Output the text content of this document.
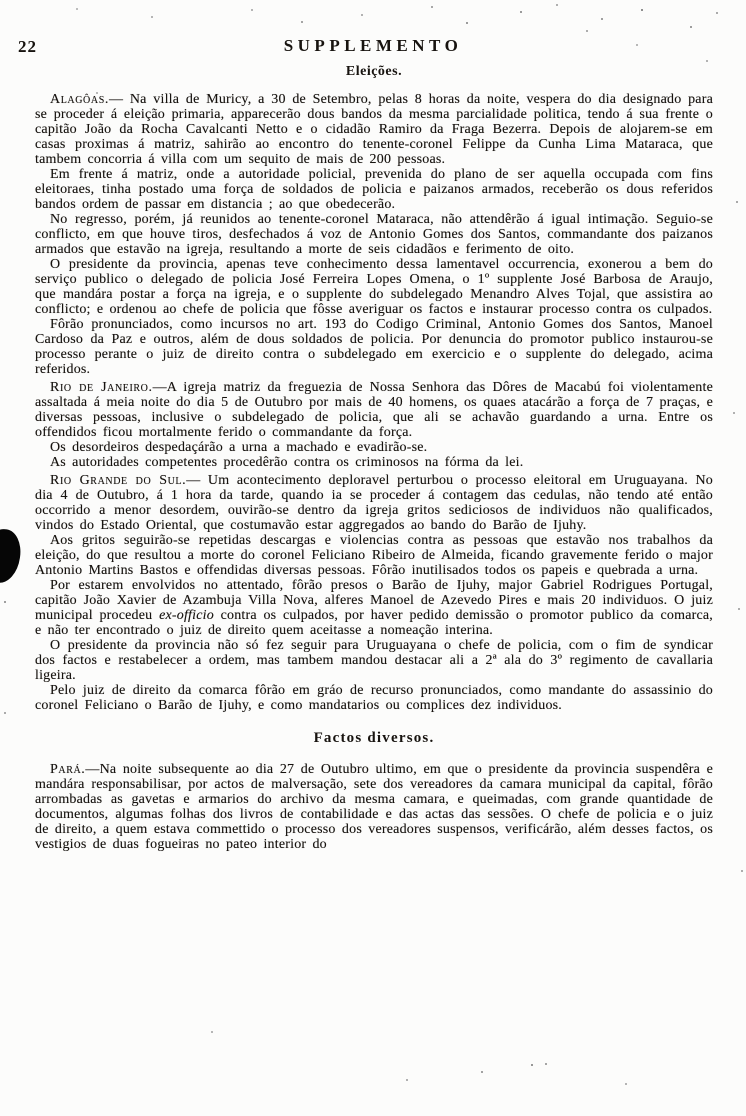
22	SUPPLEMENTO
Eleições.

Alagôas.— Na villa de Muricy, a 30 de Setembro, pelas 8 horas da noite, vespera do dia designado para se proceder á eleição primaria, apparecerão dous bandos da mesma parcialidade politica, tendo á sua frente o capitão João da Rocha Cavalcanti Netto e o cidadão Ramiro da Fraga Bezerra. Depois de alojarem-se em casas proximas á matriz, sahirão ao encontro do tenente-coronel Felippe da Cunha Lima Mataraca, que tambem concorria á villa com um sequito de mais de 200 pessoas.

Em frente á matriz, onde a autoridade policial, prevenida do plano de ser aquella occupada com fins eleitoraes, tinha postado uma força de soldados de policia e paizanos armados, receberão os dous referidos bandos ordem de passar em distancia ; ao que obedecerão.

No regresso, porém, já reunidos ao tenente-coronel Mataraca, não attendêrão á igual intimação. Seguio-se conflicto, em que houve tiros, desfechados á voz de Antonio Gomes dos Santos, commandante dos paizanos armados que estavão na igreja, resultando a morte de seis cidadãos e ferimento de oito.

O presidente da provincia, apenas teve conhecimento dessa lamentavel occurrencia, exonerou a bem do serviço publico o delegado de policia José Ferreira Lopes Omena, o 1º supplente José Barbosa de Araujo, que mandára postar a força na igreja, e o supplente do subdelegado Menandro Alves Tojal, que assistira ao conflicto; e ordenou ao chefe de policia que fôsse averiguar os factos e instaurar processo contra os culpados.

Fôrão pronunciados, como incursos no art. 193 do Codigo Criminal, Antonio Gomes dos Santos, Manoel Cardoso da Paz e outros, além de dous soldados de policia. Por denuncia do promotor publico instaurou-se processo perante o juiz de direito contra o subdelegado em exercicio e o supplente do delegado, acima referidos.

Rio de Janeiro.—A igreja matriz da freguezia de Nossa Senhora das Dôres de Macabú foi violentamente assaltada á meia noite do dia 5 de Outubro por mais de 40 homens, os quaes atacárão a força de 7 praças, e diversas pessoas, inclusive o subdelegado de policia, que ali se achavão guardando a urna. Entre os offendidos ficou mortalmente ferido o commandante da força.

Os desordeiros despedaçárão a urna a machado e evadirão-se.

As autoridades competentes procedêrão contra os criminosos na fórma da lei.

Rio Grande do Sul.— Um acontecimento deploravel perturbou o processo eleitoral em Uruguayana. No dia 4 de Outubro, á 1 hora da tarde, quando ia se proceder á contagem das cedulas, não tendo até então occorrido a menor desordem, ouvirão-se dentro da igreja gritos sediciosos de individuos não qualificados, vindos do Estado Oriental, que costumavão estar aggregados ao bando do Barão de Ijuhy.

Aos gritos seguirão-se repetidas descargas e violencias contra as pessoas que estavão nos trabalhos da eleição, do que resultou a morte do coronel Feliciano Ribeiro de Almeida, ficando gravemente ferido o major Antonio Martins Bastos e offendidas diversas pessoas. Fôrão inutilisados todos os papeis e quebrada a urna.

Por estarem envolvidos no attentado, fôrão presos o Barão de Ijuhy, major Gabriel Rodrigues Portugal, capitão João Xavier de Azambuja Villa Nova, alferes Manoel de Azevedo Pires e mais 20 individuos. O juiz municipal procedeu ex-officio contra os culpados, por haver pedido demissão o promotor publico da comarca, e não ter encontrado o juiz de direito quem aceitasse a nomeação interina.

O presidente da provincia não só fez seguir para Uruguayana o chefe de policia, com o fim de syndicar dos factos e restabelecer a ordem, mas tambem mandou destacar ali a 2ª ala do 3º regimento de cavallaria ligeira.

Pelo juiz de direito da comarca fôrão em gráo de recurso pronunciados, como mandante do assassinio do coronel Feliciano o Barão de Ijuhy, e como mandatarios ou complices dez individuos.

Factos diversos.

Pará.—Na noite subsequente ao dia 27 de Outubro ultimo, em que o presidente da provincia suspendêra e mandára responsabilisar, por actos de malversação, sete dos vereadores da camara municipal da capital, fôrão arrombadas as gavetas e armarios do archivo da mesma camara, e queimadas, com grande quantidade de documentos, algumas folhas dos livros de contabilidade e das actas das sessões. O chefe de policia e o juiz de direito, a quem estava commettido o processo dos vereadores suspensos, verificárão, além desses factos, os vestigios de duas fogueiras no pateo interior do
